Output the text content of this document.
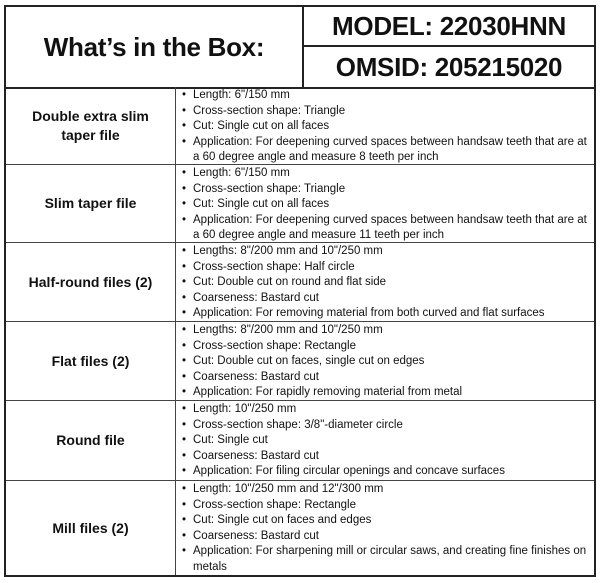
What’s in the Box:
MODEL: 22030HNN
OMSID: 205215020
Double extra slim taper file
• Length: 6"/150 mm
• Cross-section shape: Triangle
• Cut: Single cut on all faces
• Application: For deepening curved spaces between handsaw teeth that are at a 60 degree angle and measure 8 teeth per inch
Slim taper file
• Length: 6"/150 mm
• Cross-section shape: Triangle
• Cut: Single cut on all faces
• Application: For deepening curved spaces between handsaw teeth that are at a 60 degree angle and measure 11 teeth per inch
Half-round files (2)
• Lengths: 8"/200 mm and 10"/250 mm
• Cross-section shape: Half circle
• Cut: Double cut on round and flat side
• Coarseness: Bastard cut
• Application: For removing material from both curved and flat surfaces
Flat files (2)
• Lengths: 8"/200 mm and 10"/250 mm
• Cross-section shape: Rectangle
• Cut: Double cut on faces, single cut on edges
• Coarseness: Bastard cut
• Application: For rapidly removing material from metal
Round file
• Length: 10"/250 mm
• Cross-section shape: 3/8"-diameter circle
• Cut: Single cut
• Coarseness: Bastard cut
• Application: For filing circular openings and concave surfaces
Mill files (2)
• Length: 10"/250 mm and 12"/300 mm
• Cross-section shape: Rectangle
• Cut: Single cut on faces and edges
• Coarseness: Bastard cut
• Application: For sharpening mill or circular saws, and creating fine finishes on metals
